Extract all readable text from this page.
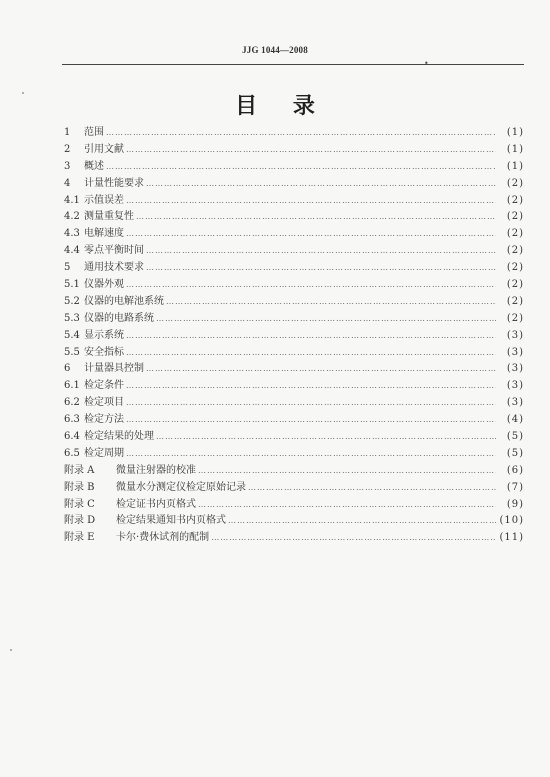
JJG 1044—2008
•
目 录
1	范围 ……………………………………………………………………………………………………………………………………………………………………………………………………………………………………	(1)
2	引用文献 ……………………………………………………………………………………………………………………………………………………………………………………………………………………………………	(1)
3	概述 ……………………………………………………………………………………………………………………………………………………………………………………………………………………………………	(1)
4	计量性能要求 ……………………………………………………………………………………………………………………………………………………………………………………………………………………………………	(2)
4.1 示值误差 ……………………………………………………………………………………………………………………………………………………………………………………………………………………………………	(2)
4.2 测量重复性 ……………………………………………………………………………………………………………………………………………………………………………………………………………………………………	(2)
4.3 电解速度 ……………………………………………………………………………………………………………………………………………………………………………………………………………………………………	(2)
4.4 零点平衡时间 ……………………………………………………………………………………………………………………………………………………………………………………………………………………………………	(2)
5	通用技术要求 ……………………………………………………………………………………………………………………………………………………………………………………………………………………………………	(2)
5.1 仪器外观 ……………………………………………………………………………………………………………………………………………………………………………………………………………………………………	(2)
5.2 仪器的电解池系统 ……………………………………………………………………………………………………………………………………………………………………………………………………………………………………	(2)
5.3 仪器的电路系统 ……………………………………………………………………………………………………………………………………………………………………………………………………………………………………	(2)
5.4 显示系统 ……………………………………………………………………………………………………………………………………………………………………………………………………………………………………	(3)
5.5 安全指标 ……………………………………………………………………………………………………………………………………………………………………………………………………………………………………	(3)
6	计量器具控制 ……………………………………………………………………………………………………………………………………………………………………………………………………………………………………	(3)
6.1 检定条件 ……………………………………………………………………………………………………………………………………………………………………………………………………………………………………	(3)
6.2 检定项目 ……………………………………………………………………………………………………………………………………………………………………………………………………………………………………	(3)
6.3 检定方法 ……………………………………………………………………………………………………………………………………………………………………………………………………………………………………	(4)
6.4 检定结果的处理 ……………………………………………………………………………………………………………………………………………………………………………………………………………………………………	(5)
6.5 检定周期 ……………………………………………………………………………………………………………………………………………………………………………………………………………………………………	(5)
附录 A	微量注射器的校准 ……………………………………………………………………………………………………………………………………………………………………………………………………………………………………	(6)
附录 B	微量水分测定仪检定原始记录 ……………………………………………………………………………………………………………………………………………………………………………………………………………………………………	(7)
附录 C	检定证书内页格式 ……………………………………………………………………………………………………………………………………………………………………………………………………………………………………	(9)
附录 D	检定结果通知书内页格式 ……………………………………………………………………………………………………………………………………………………………………………………………………………………………………	(10)
附录 E	卡尔·费休试剂的配制 ……………………………………………………………………………………………………………………………………………………………………………………………………………………………………	(11)
